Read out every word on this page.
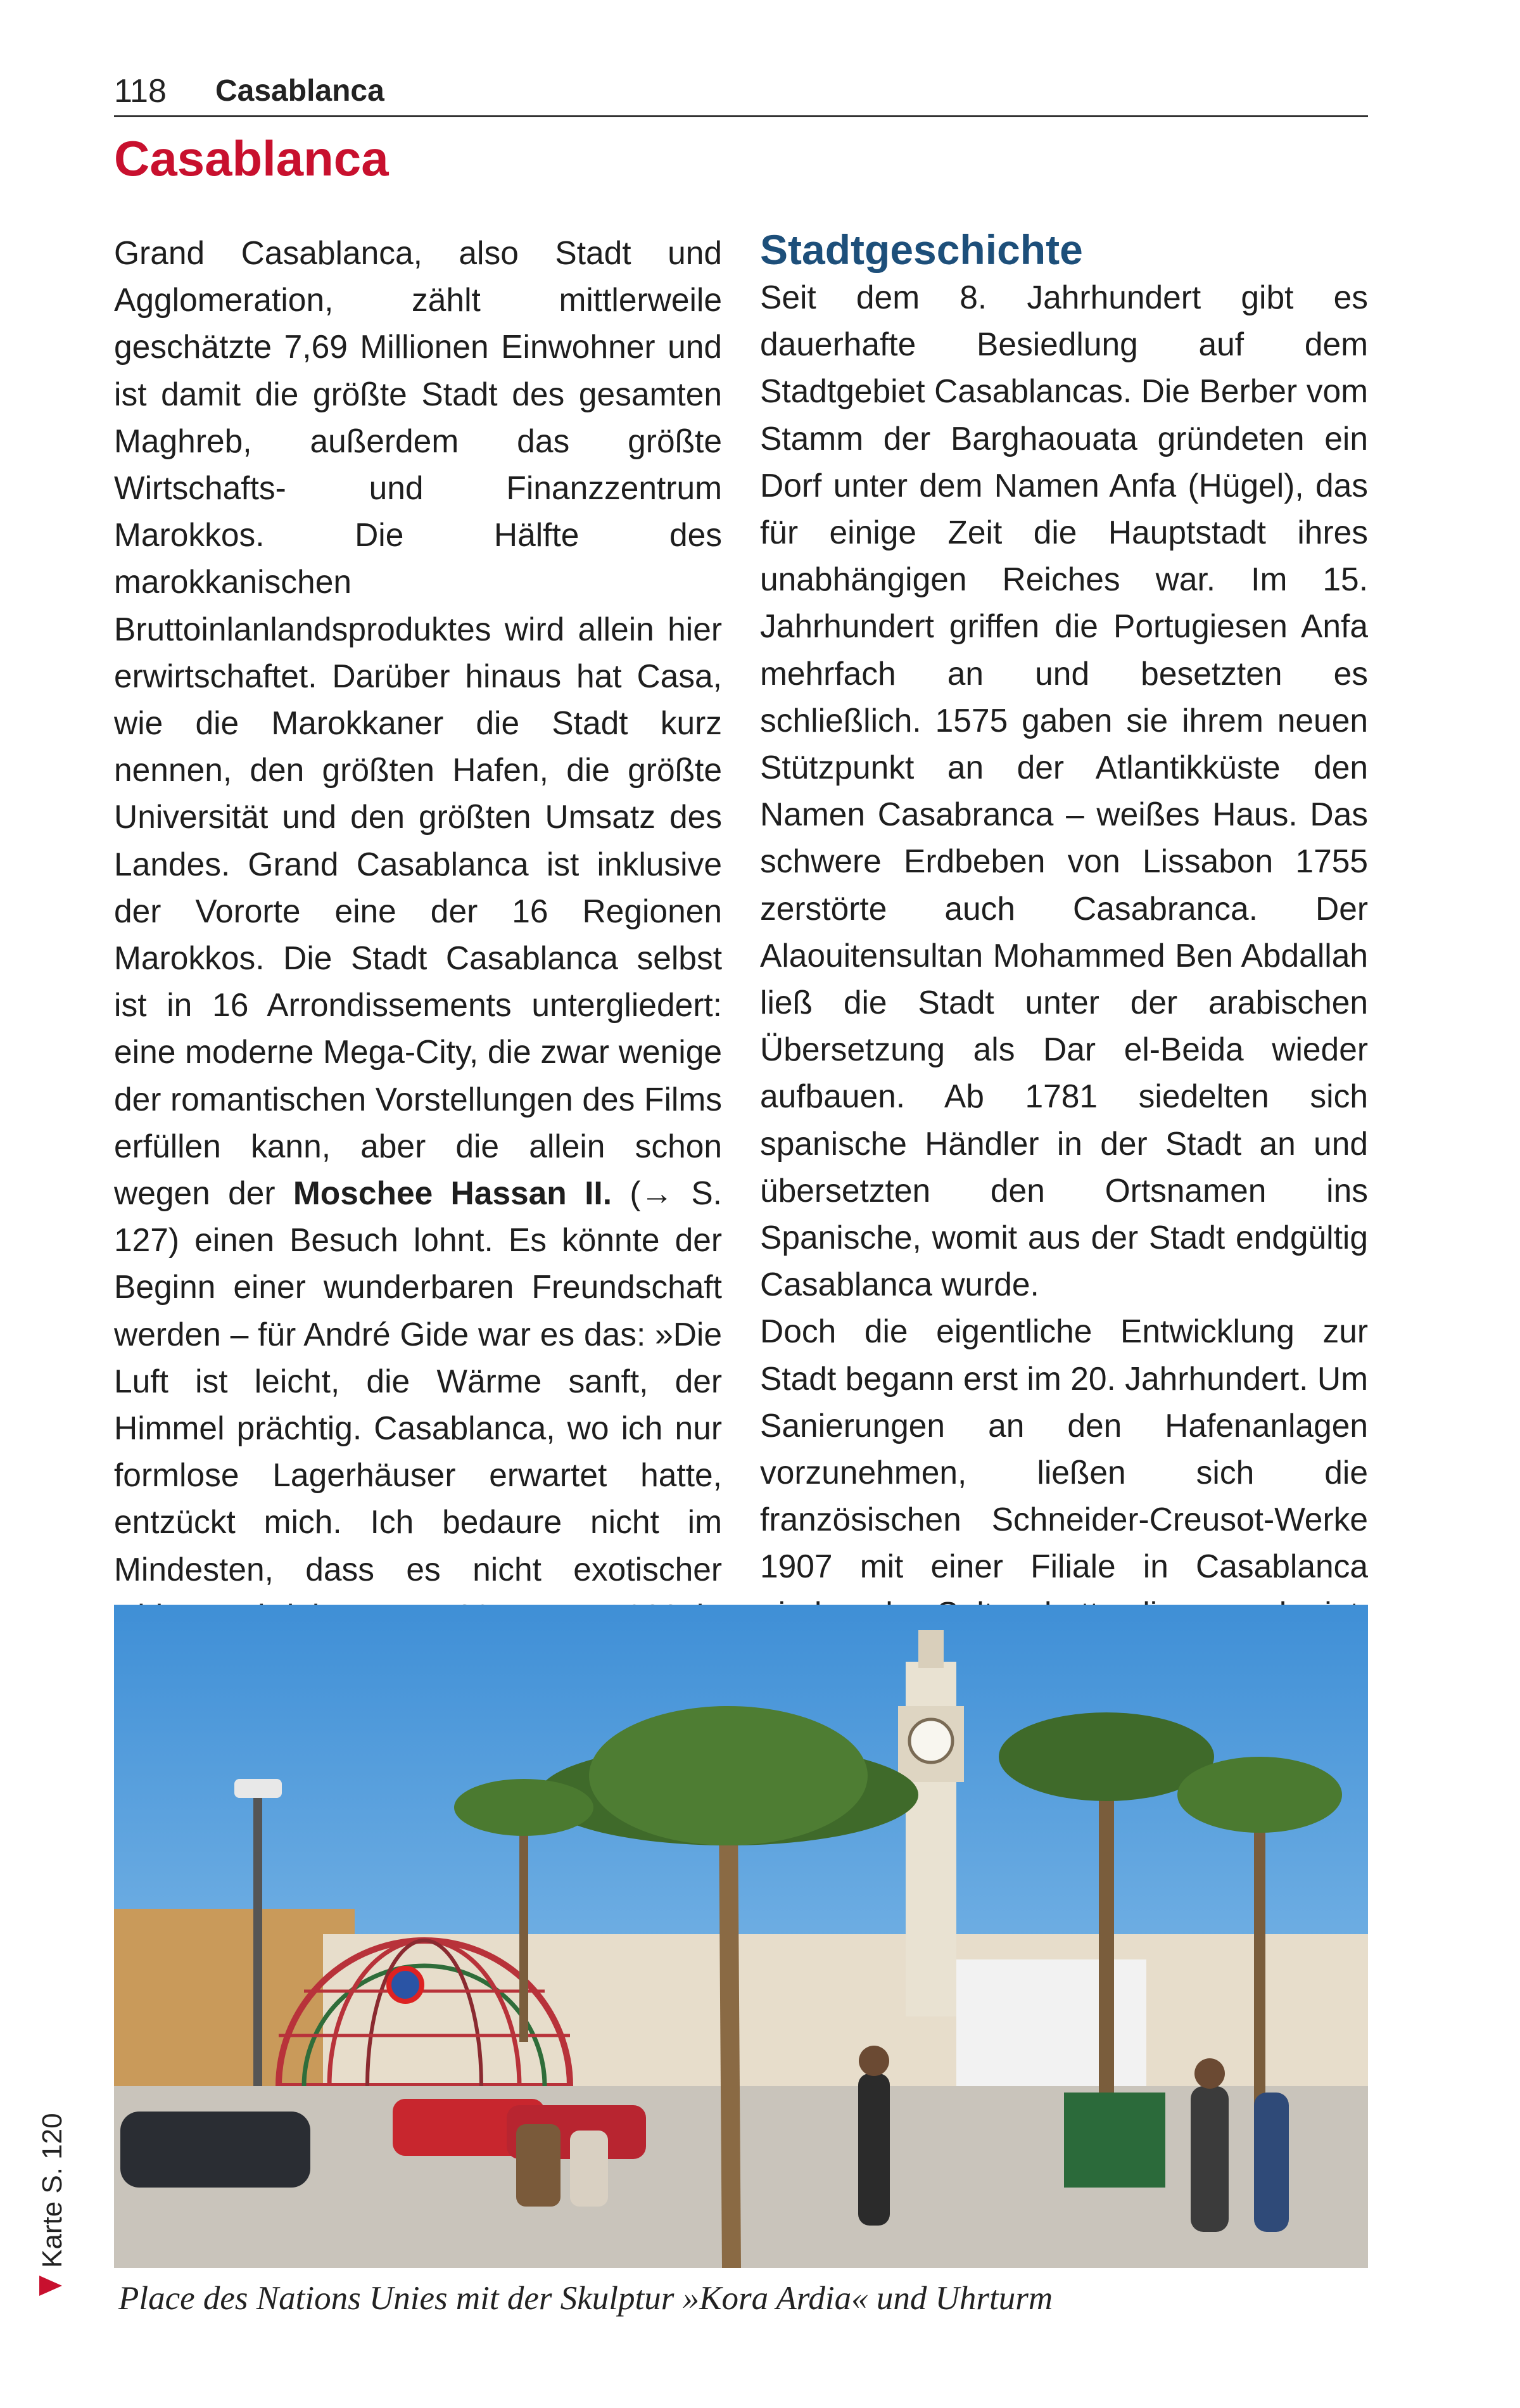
118 Casablanca
Casablanca

Grand Casablanca, also Stadt und Agglomeration, zählt mittlerweile geschätzte 7,69 Millionen Einwohner und ist damit die größte Stadt des gesamten Maghreb, außerdem das größte Wirtschafts- und Finanzzentrum Marokkos. Die Hälfte des marokkanischen Bruttoinlanlandsproduktes wird allein hier erwirtschaftet. Darüber hinaus hat Casa, wie die Marokkaner die Stadt kurz nennen, den größten Hafen, die größte Universität und den größten Umsatz des Landes. Grand Casablanca ist inklusive der Vororte eine der 16 Regionen Marokkos. Die Stadt Casablanca selbst ist in 16 Arrondissements untergliedert: eine moderne Mega-City, die zwar wenige der romantischen Vorstellungen des Films erfüllen kann, aber die allein schon wegen der Moschee Hassan II. (→ S. 127) einen Besuch lohnt. Es könnte der Beginn einer wunderbaren Freundschaft werden – für André Gide war es das: »Die Luft ist leicht, die Wärme sanft, der Himmel prächtig. Casablanca, wo ich nur formlose Lagerhäuser erwartet hatte, entzückt mich. Ich bedaure nicht im Mindesten, dass es nicht exotischer

Stadtgeschichte

Seit dem 8. Jahrhundert gibt es dauerhafte Besiedlung auf dem Stadtgebiet Casablancas. Die Berber vom Stamm der Barghaouata gründeten ein Dorf unter dem Namen Anfa (Hügel), das für einige Zeit die Hauptstadt ihres unabhängigen Reiches war. Im 15. Jahrhundert griffen die Portugiesen Anfa mehrfach an und besetzten es schließlich. 1575 gaben sie ihrem neuen Stützpunkt an der Atlantikküste den Namen Casabranca – weißes Haus. Das schwere Erdbeben von Lissabon 1755 zerstörte auch Casabranca. Der Alaouitensultan Mohammed Ben Abdallah ließ die Stadt unter der arabischen Übersetzung als Dar el-Beida wieder aufbauen. Ab 1781 siedelten sich spanische Händler in der Stadt an und übersetzten den Ortsnamen ins Spanische, womit aus der Stadt endgültig Casablanca wurde.

Doch die eigentliche Entwicklung zur Stadt begann erst im 20. Jahrhundert. Um Sanierungen an den Hafenanlagen vorzunehmen, ließen sich die französischen Schneider-Creusot-Werke 1907 mit einer Filiale in Casablanca

Place des Nations Unies mit der Skulptur »Kora Ardia« und Uhrturm
Karte S. 120
